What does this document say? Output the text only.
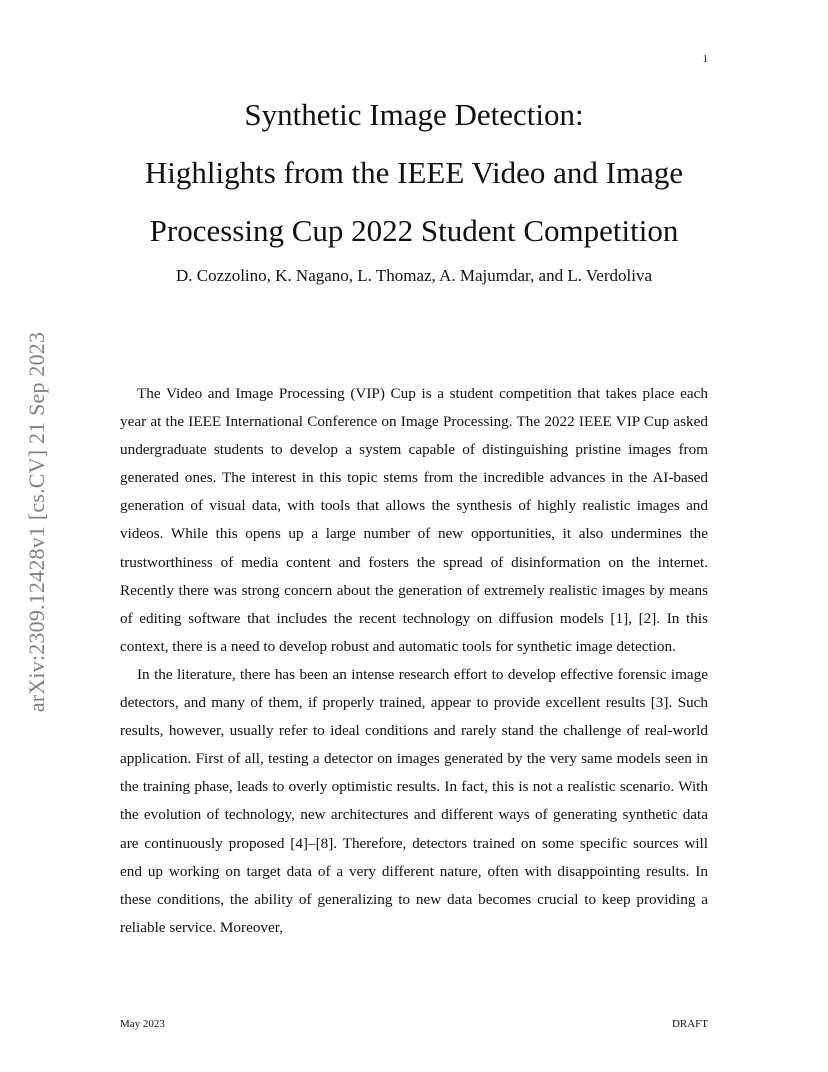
1
Synthetic Image Detection:
Highlights from the IEEE Video and Image
Processing Cup 2022 Student Competition
D. Cozzolino, K. Nagano, L. Thomaz, A. Majumdar, and L. Verdoliva
arXiv:2309.12428v1 [cs.CV] 21 Sep 2023	The Video and Image Processing (VIP) Cup is a student competition that takes place each year at the IEEE International Conference on Image Processing. The 2022 IEEE VIP Cup asked undergraduate students to develop a system capable of distinguishing pristine images from generated ones. The interest in this topic stems from the incredible advances in the AI-based generation of visual data, with tools that allows the synthesis of highly realistic images and videos. While this opens up a large number of new opportunities, it also undermines the trustworthiness of media content and fosters the spread of disinformation on the internet. Recently there was strong concern about the generation of extremely realistic images by means of editing software that includes the recent technology on diffusion models [1], [2]. In this context, there is a need to develop robust and automatic tools for synthetic image detection.

In the literature, there has been an intense research effort to develop effective forensic image detectors, and many of them, if properly trained, appear to provide excellent results [3]. Such results, however, usually refer to ideal conditions and rarely stand the challenge of real-world application. First of all, testing a detector on images generated by the very same models seen in the training phase, leads to overly optimistic results. In fact, this is not a realistic scenario. With the evolution of technology, new architectures and different ways of generating synthetic data are continuously proposed [4]–[8]. Therefore, detectors trained on some specific sources will end up working on target data of a very different nature, often with disappointing results. In these conditions, the ability of generalizing to new data becomes crucial to keep providing a reliable service. Moreover,

May 2023	DRAFT
